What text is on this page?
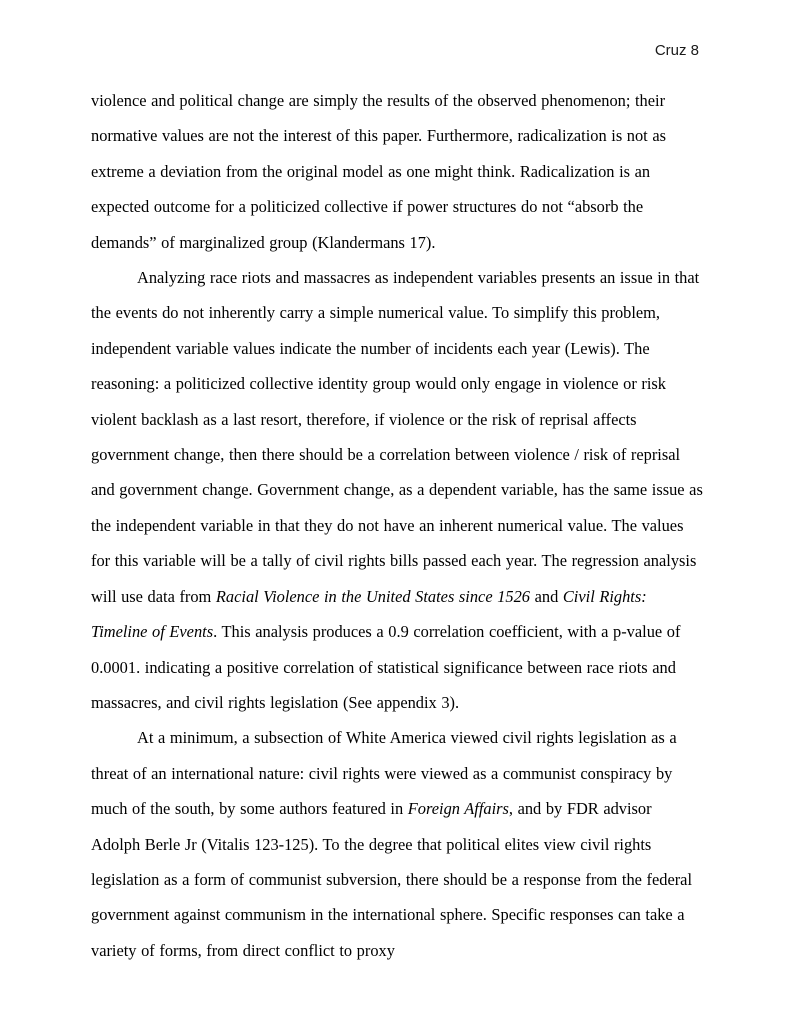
Cruz 8

violence and political change are simply the results of the observed phenomenon; their normative values are not the interest of this paper. Furthermore, radicalization is not as extreme a deviation from the original model as one might think. Radicalization is an expected outcome for a politicized collective if power structures do not “absorb the demands” of marginalized group (Klandermans 17).

Analyzing race riots and massacres as independent variables presents an issue in that the events do not inherently carry a simple numerical value. To simplify this problem, independent variable values indicate the number of incidents each year (Lewis). The reasoning: a politicized collective identity group would only engage in violence or risk violent backlash as a last resort, therefore, if violence or the risk of reprisal affects government change, then there should be a correlation between violence / risk of reprisal and government change. Government change, as a dependent variable, has the same issue as the independent variable in that they do not have an inherent numerical value. The values for this variable will be a tally of civil rights bills passed each year. The regression analysis will use data from Racial Violence in the United States since 1526 and Civil Rights: Timeline of Events. This analysis produces a 0.9 correlation coefficient, with a p-value of 0.0001. indicating a positive correlation of statistical significance between race riots and massacres, and civil rights legislation (See appendix 3).

At a minimum, a subsection of White America viewed civil rights legislation as a threat of an international nature: civil rights were viewed as a communist conspiracy by much of the south, by some authors featured in Foreign Affairs, and by FDR advisor Adolph Berle Jr (Vitalis 123-125). To the degree that political elites view civil rights legislation as a form of communist subversion, there should be a response from the federal government against communism in the international sphere. Specific responses can take a variety of forms, from direct conflict to proxy
